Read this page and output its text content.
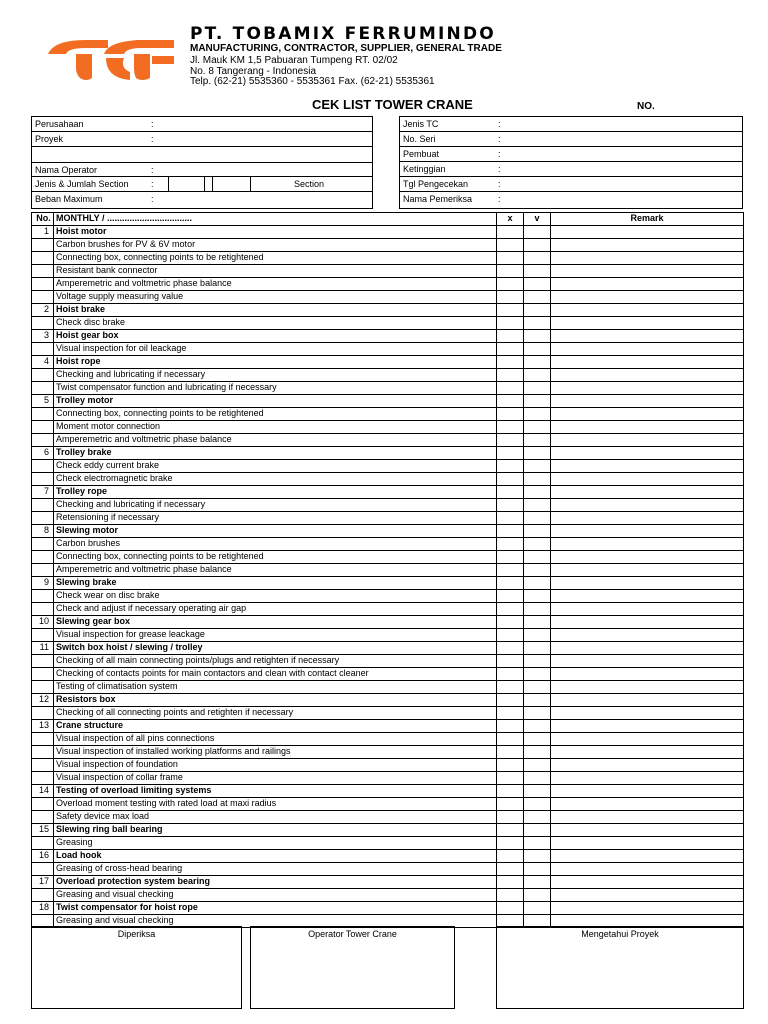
PT. TOBAMIX FERRUMINDO
MANUFACTURING, CONTRACTOR, SUPPLIER, GENERAL TRADE
Jl. Mauk KM 1,5 Pabuaran Tumpeng RT. 02/02
No. 8 Tangerang - Indonesia
Telp. (62-21) 5535360 - 5535361 Fax. (62-21) 5535361
CEK LIST TOWER CRANE	NO.
Perusahaan	:
Proyek	:
Nama Operator	:
Jenis & Jumlah Section :	Section
Beban Maximum	:
Jenis TC	:
No. Seri	:
Pembuat	:
Ketinggian	:
Tgl Pengecekan	:
Nama Pemeriksa	:
No.	MONTHLY / ..................................	x	v	Remark
1	Hoist motor			
	Carbon brushes for PV & 6V motor			
	Connecting box, connecting points to be retightened			
	Resistant bank connector			
	Amperemetric and voltmetric phase balance			
	Voltage supply measuring value			
2	Hoist brake			
	Check disc brake			
3	Hoist gear box			
	Visual inspection for oil leackage			
4	Hoist rope			
	Checking and lubricating if necessary			
	Twist compensator function and lubricating if necessary			
5	Trolley motor			
	Connecting box, connecting points to be retightened			
	Moment motor connection			
	Amperemetric and voltmetric phase balance			
6	Trolley brake			
	Check eddy current brake			
	Check electromagnetic brake			
7	Trolley rope			
	Checking and lubricating if necessary			
	Retensioning if necessary			
8	Slewing motor			
	Carbon brushes			
	Connecting box, connecting points to be retightened			
	Amperemetric and voltmetric phase balance			
9	Slewing brake			
	Check wear on disc brake			
	Check and adjust if necessary operating air gap			
10	Slewing gear box			
	Visual inspection for grease leackage			
11	Switch box hoist / slewing / trolley			
	Checking of all main connecting points/plugs and retighten if necessary			
	Checking of contacts points for main contactors and clean with contact cleaner			
	Testing of climatisation system			
12	Resistors box			
	Checking of all connecting points and retighten if necessary			
13	Crane structure			
	Visual inspection of all pins connections			
	Visual inspection of installed working platforms and railings			
	Visual inspection of foundation			
	Visual inspection of collar frame			
14	Testing of overload limiting systems			
	Overload moment testing with rated load at maxi radius			
	Safety device max load			
15	Slewing ring ball bearing			
	Greasing			
16	Load hook			
	Greasing of cross-head bearing			
17	Overload protection system bearing			
	Greasing and visual checking			
18	Twist compensator for hoist rope			
	Greasing and visual checking			
Diperiksa	Operator Tower Crane	Mengetahui Proyek
